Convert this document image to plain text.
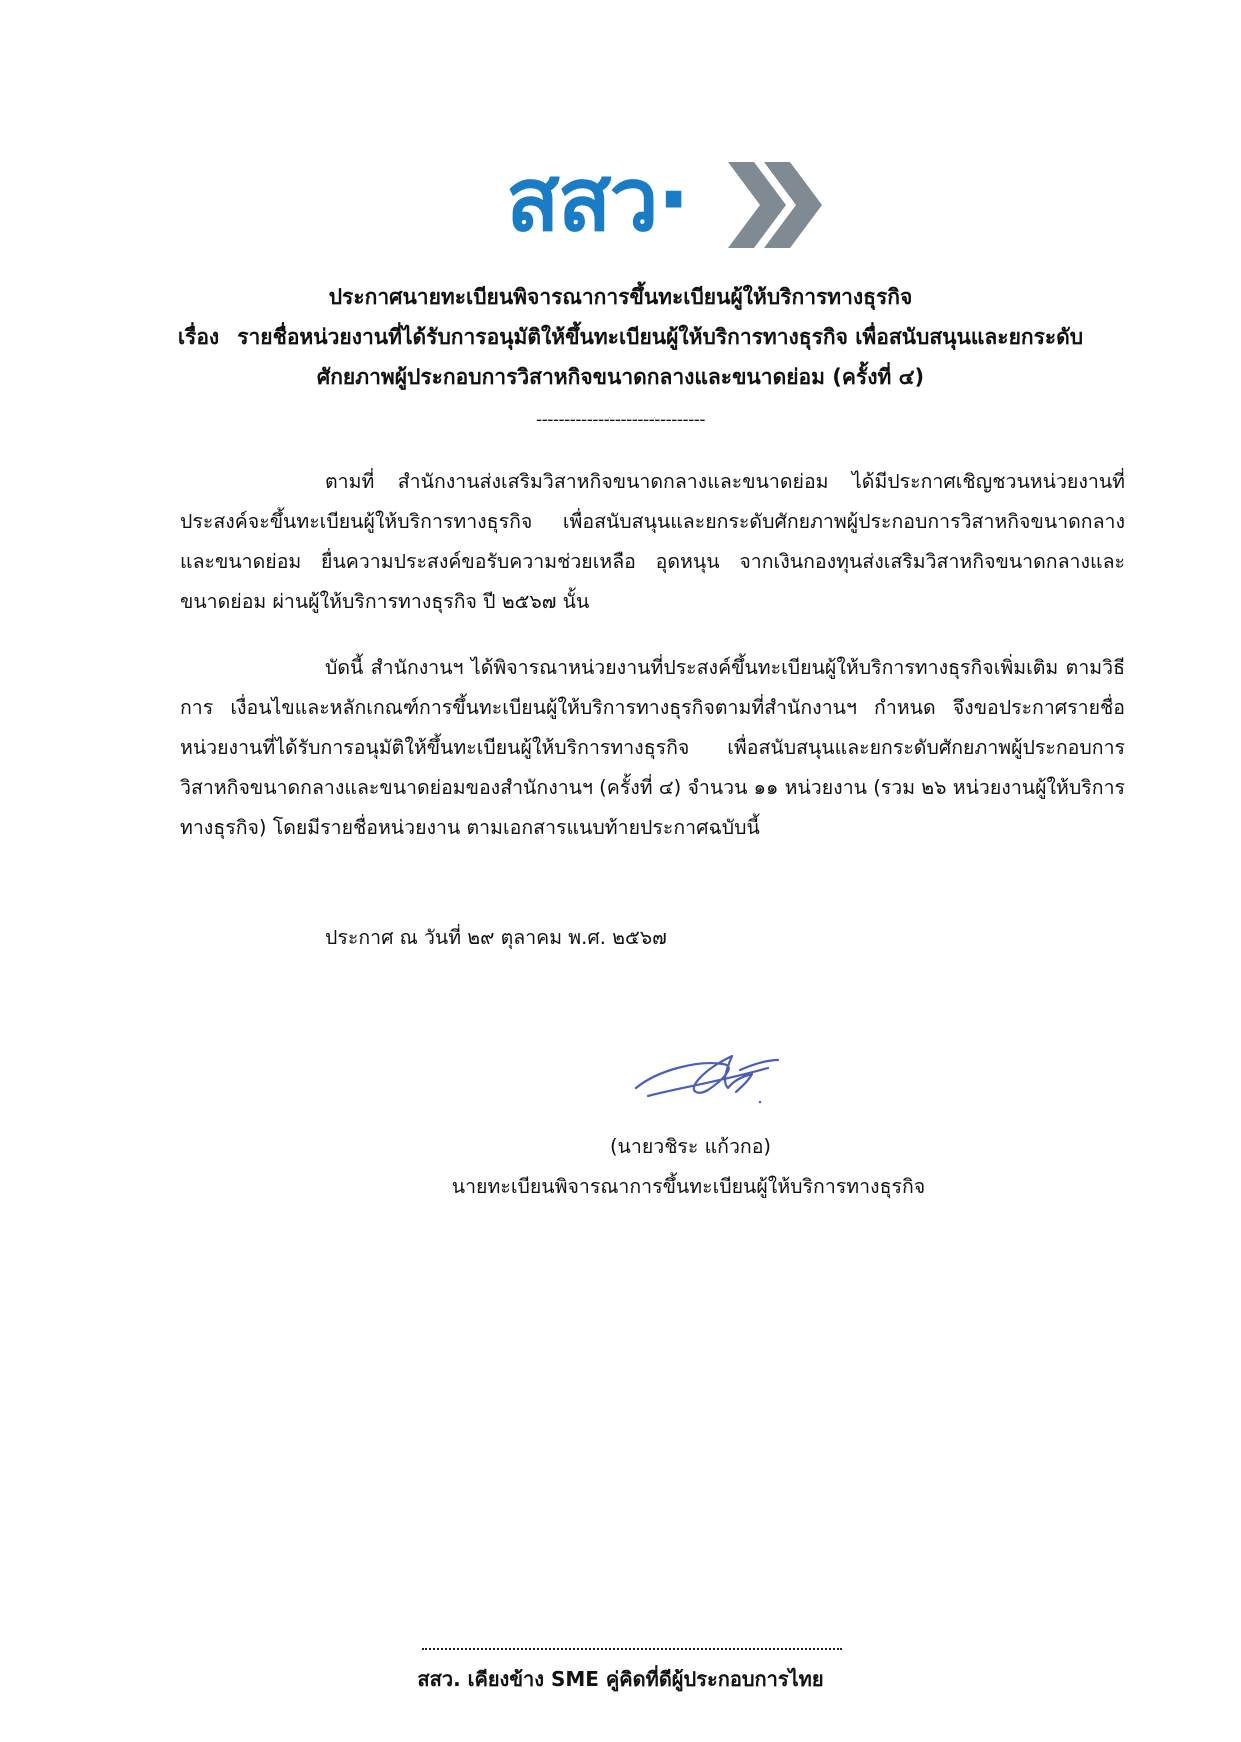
สสว·
ประกาศนายทะเบียนพิจารณาการขึ้นทะเบียนผู้ให้บริการทางธุรกิจ
เรื่อง รายชื่อหน่วยงานที่ได้รับการอนุมัติให้ขึ้นทะเบียนผู้ให้บริการทางธุรกิจ เพื่อสนับสนุนและยกระดับ
ศักยภาพผู้ประกอบการวิสาหกิจขนาดกลางและขนาดย่อม (ครั้งที่ ๔)
------------------------------

ตามที่ สำนักงานส่งเสริมวิสาหกิจขนาดกลางและขนาดย่อม ได้มีประกาศเชิญชวนหน่วยงานที่ประสงค์จะขึ้นทะเบียนผู้ให้บริการทางธุรกิจ เพื่อสนับสนุนและยกระดับศักยภาพผู้ประกอบการวิสาหกิจขนาดกลางและขนาดย่อม ยื่นความประสงค์ขอรับความช่วยเหลือ อุดหนุน จากเงินกองทุนส่งเสริมวิสาหกิจขนาดกลางและขนาดย่อม ผ่านผู้ให้บริการทางธุรกิจ ปี ๒๕๖๗ นั้น

บัดนี้ สำนักงานฯ ได้พิจารณาหน่วยงานที่ประสงค์ขึ้นทะเบียนผู้ให้บริการทางธุรกิจเพิ่มเติม ตามวิธีการ เงื่อนไขและหลักเกณฑ์การขึ้นทะเบียนผู้ให้บริการทางธุรกิจตามที่สำนักงานฯ กำหนด จึงขอประกาศรายชื่อหน่วยงานที่ได้รับการอนุมัติให้ขึ้นทะเบียนผู้ให้บริการทางธุรกิจ เพื่อสนับสนุนและยกระดับศักยภาพผู้ประกอบการวิสาหกิจขนาดกลางและขนาดย่อมของสำนักงานฯ (ครั้งที่ ๔) จำนวน ๑๑ หน่วยงาน (รวม ๒๖ หน่วยงานผู้ให้บริการทางธุรกิจ) โดยมีรายชื่อหน่วยงาน ตามเอกสารแนบท้ายประกาศฉบับนี้

ประกาศ ณ วันที่ ๒๙ ตุลาคม พ.ศ. ๒๕๖๗

(นายวชิระ แก้วกอ)
นายทะเบียนพิจารณาการขึ้นทะเบียนผู้ให้บริการทางธุรกิจ
สสว. เคียงข้าง SME คู่คิดที่ดีผู้ประกอบการไทย
